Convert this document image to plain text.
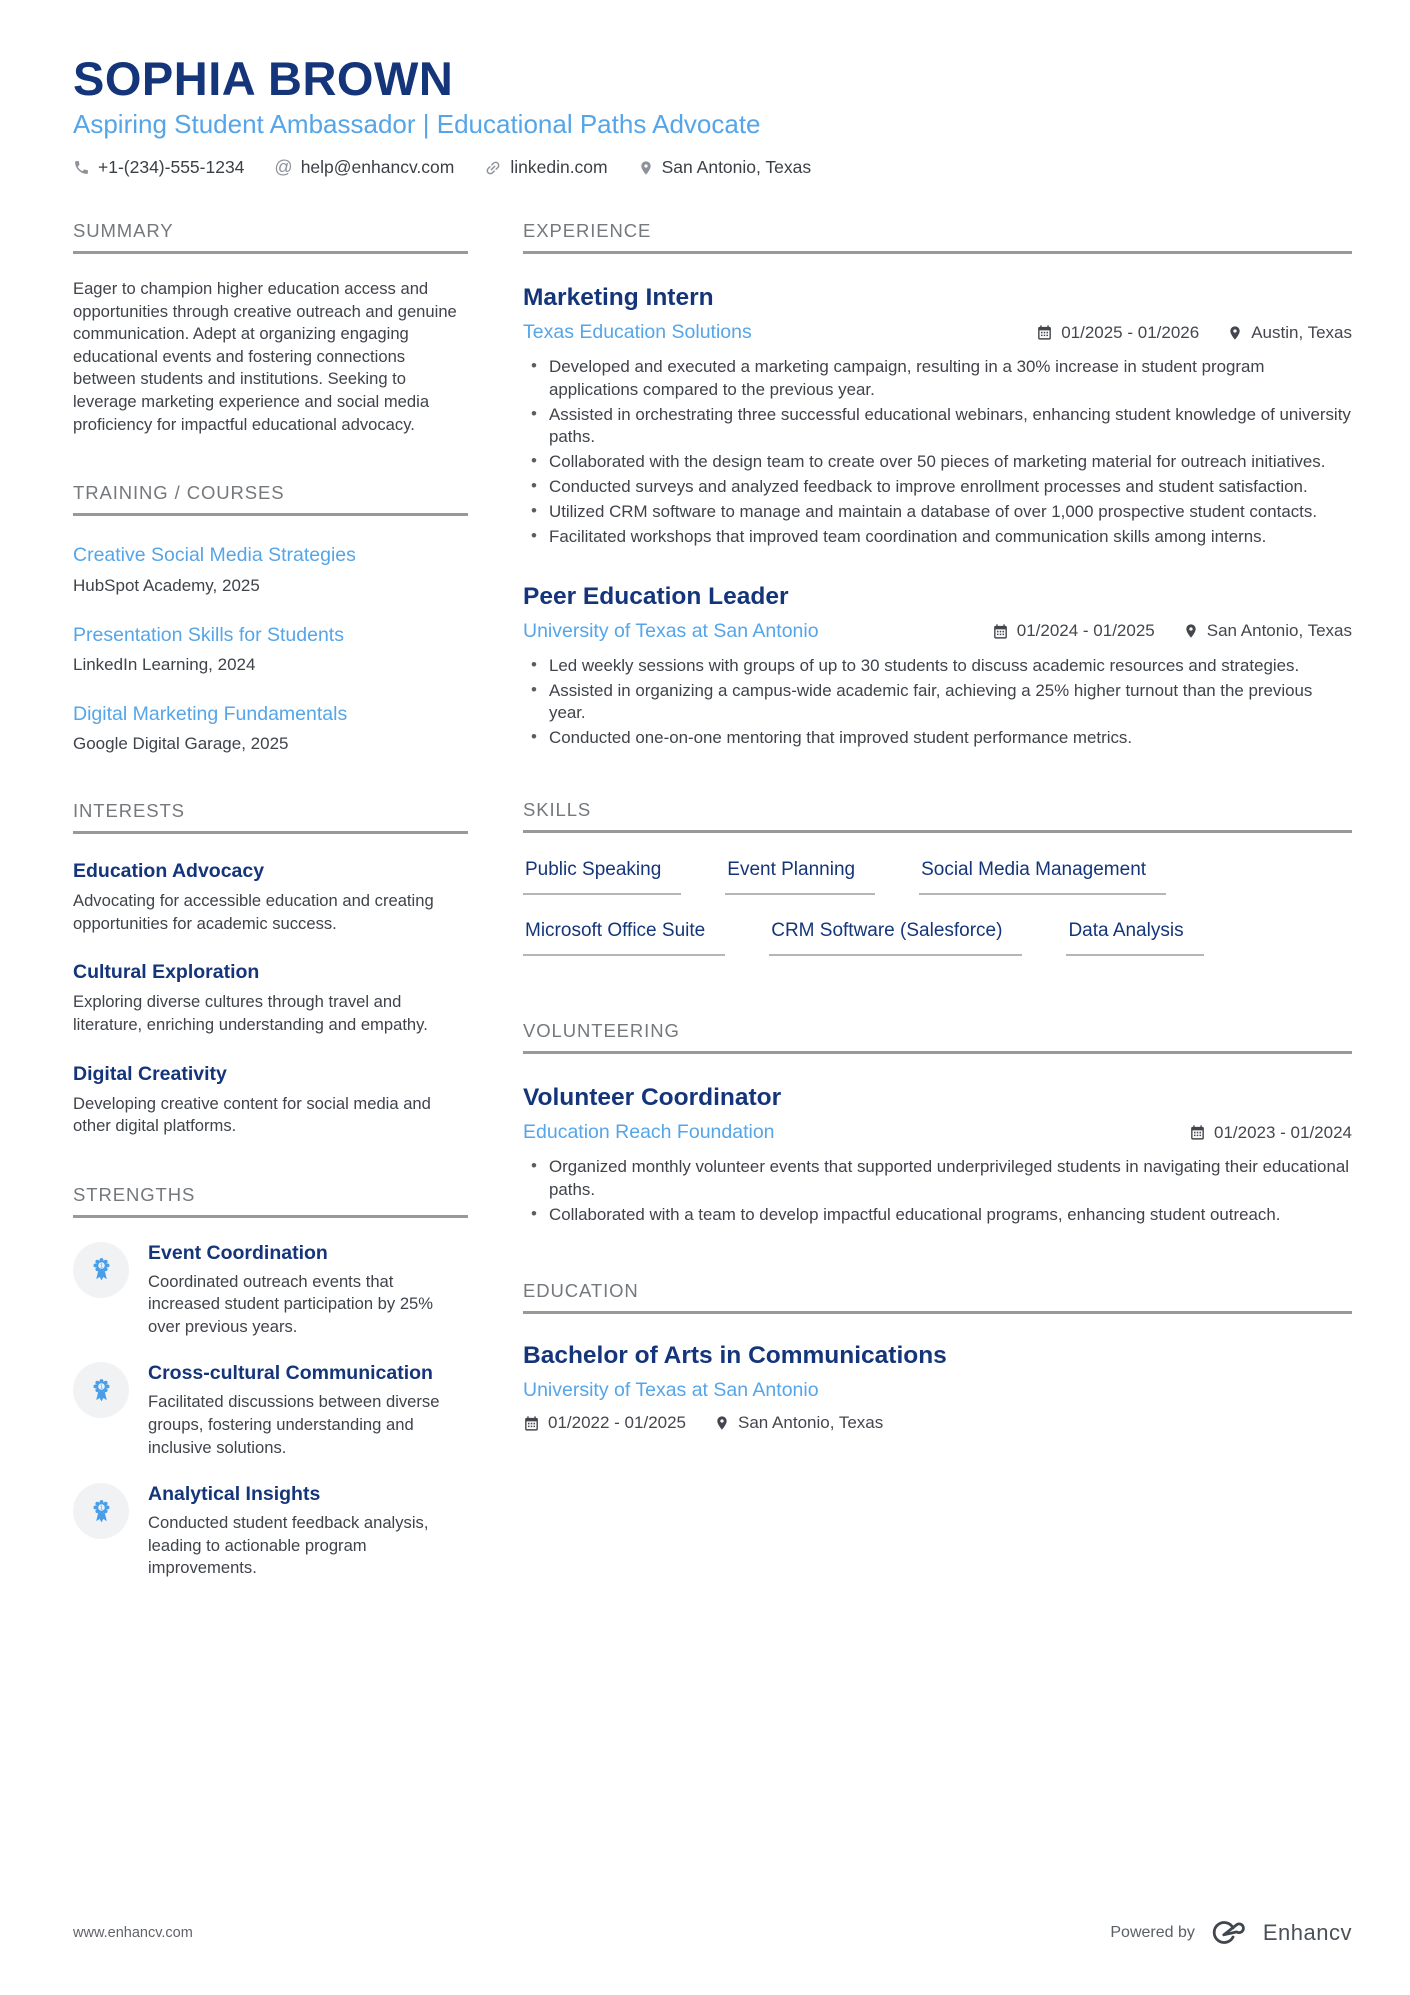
SOPHIA BROWN
Aspiring Student Ambassador | Educational Paths Advocate
+1-(234)-555-1234 @ help@enhancv.com	linkedin.com	San Antonio, Texas
SUMMARY
Eager to champion higher education access and opportunities through creative outreach and genuine communication. Adept at organizing engaging educational events and fostering connections between students and institutions. Seeking to leverage marketing experience and social media proficiency for impactful educational advocacy.
TRAINING / COURSES
Creative Social Media Strategies
HubSpot Academy, 2025
Presentation Skills for Students
LinkedIn Learning, 2024
Digital Marketing Fundamentals
Google Digital Garage, 2025
INTERESTS
Education Advocacy
Advocating for accessible education and creating opportunities for academic success.
Cultural Exploration
Exploring diverse cultures through travel and literature, enriching understanding and empathy.
Digital Creativity
Developing creative content for social media and other digital platforms.
STRENGTHS
1
Event Coordination
Coordinated outreach events that increased student participation by 25% over previous years.
1
Cross-cultural Communication
Facilitated discussions between diverse groups, fostering understanding and inclusive solutions.
1
Analytical Insights
Conducted student feedback analysis, leading to actionable program improvements.
EXPERIENCE
Marketing Intern
Texas Education Solutions	01/2025 - 01/2026	Austin, Texas
• Developed and executed a marketing campaign, resulting in a 30% increase in student program applications compared to the previous year.
• Assisted in orchestrating three successful educational webinars, enhancing student knowledge of university paths.
• Collaborated with the design team to create over 50 pieces of marketing material for outreach initiatives.
• Conducted surveys and analyzed feedback to improve enrollment processes and student satisfaction.
• Utilized CRM software to manage and maintain a database of over 1,000 prospective student contacts.
• Facilitated workshops that improved team coordination and communication skills among interns.
Peer Education Leader
University of Texas at San Antonio	01/2024 - 01/2025	San Antonio, Texas
• Led weekly sessions with groups of up to 30 students to discuss academic resources and strategies.
• Assisted in organizing a campus-wide academic fair, achieving a 25% higher turnout than the previous year.
• Conducted one-on-one mentoring that improved student performance metrics.
SKILLS
Public Speaking	Event Planning	Social Media Management
Microsoft Office Suite	CRM Software (Salesforce)	Data Analysis
VOLUNTEERING
Volunteer Coordinator
Education Reach Foundation	01/2023 - 01/2024
• Organized monthly volunteer events that supported underprivileged students in navigating their educational paths.
• Collaborated with a team to develop impactful educational programs, enhancing student outreach.
EDUCATION
Bachelor of Arts in Communications
University of Texas at San Antonio
01/2022 - 01/2025	San Antonio, Texas
www.enhancv.com	Powered by	Enhancv
